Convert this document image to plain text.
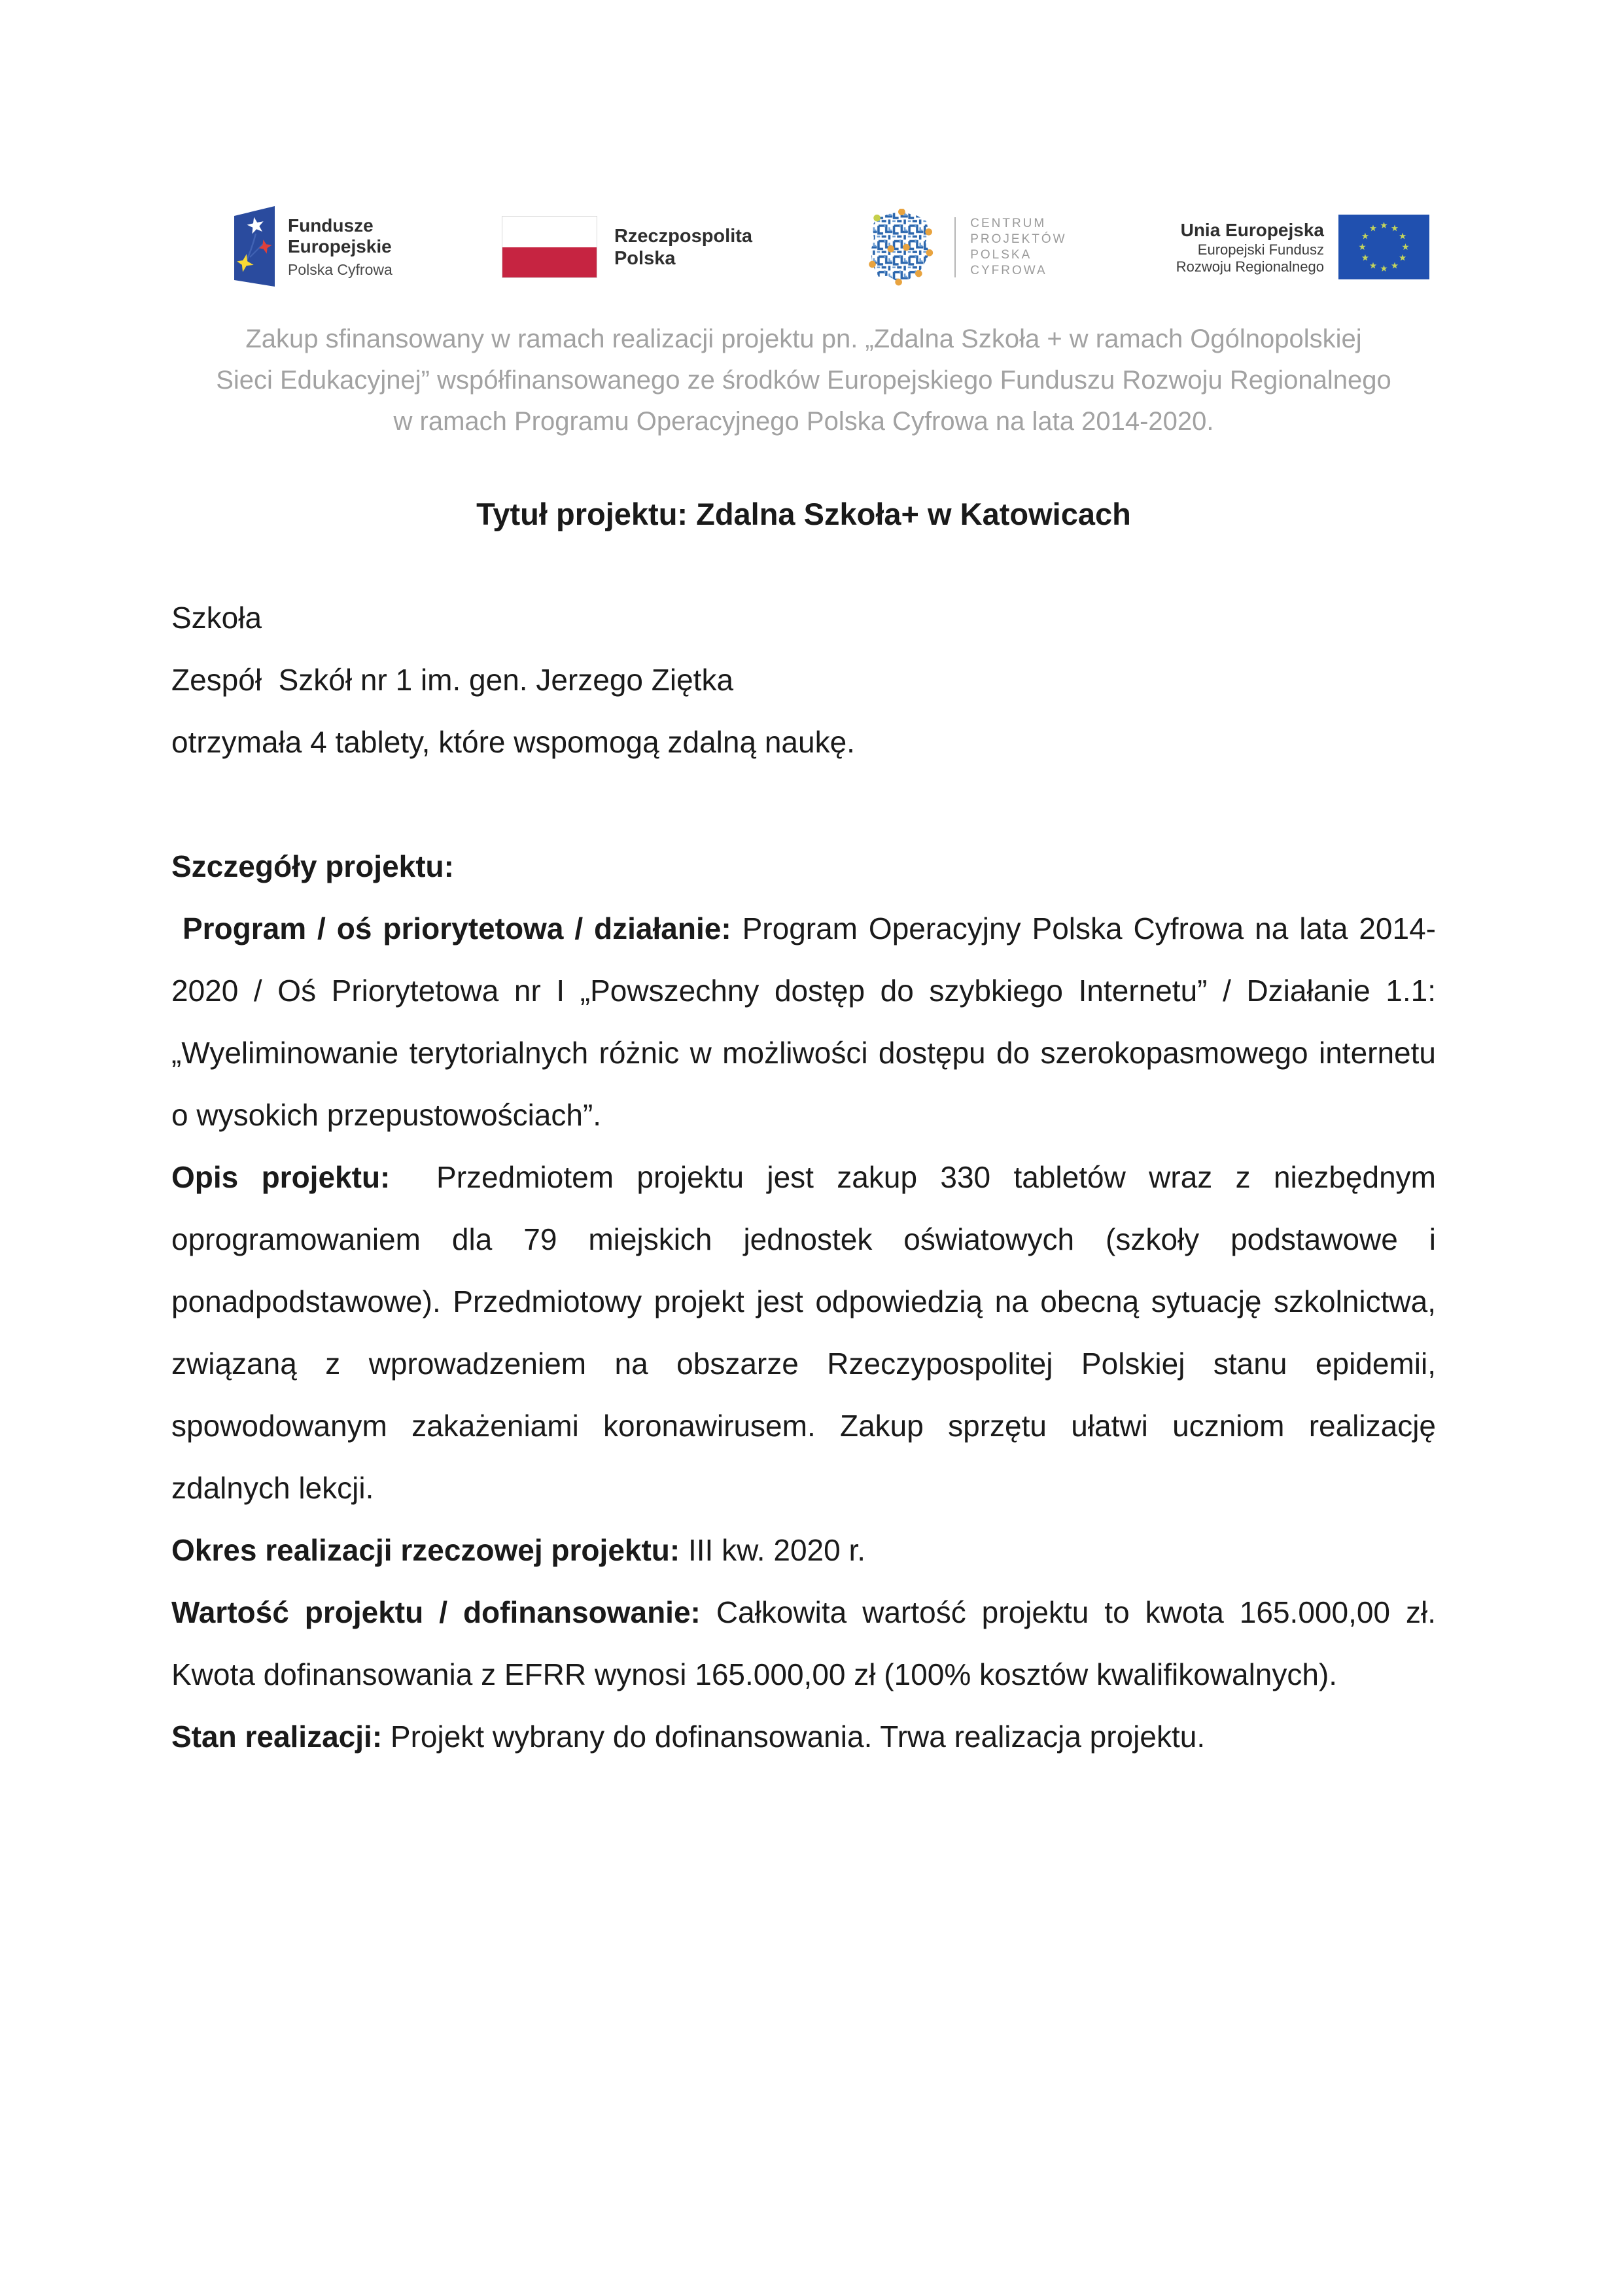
Fundusze
Europejskie
Polska Cyfrowa
Rzeczpospolita
Polska
CENTRUM
PROJEKTÓW
POLSKA
CYFROWA
Unia Europejska
Europejski Fundusz
Rozwoju Regionalnego
Zakup sfinansowany w ramach realizacji projektu pn. „Zdalna Szkoła + w ramach Ogólnopolskiej
Sieci Edukacyjnej” współfinansowanego ze środków Europejskiego Funduszu Rozwoju Regionalnego
w ramach Programu Operacyjnego Polska Cyfrowa na lata 2014-2020.
Tytuł projektu: Zdalna Szkoła+ w Katowicach
Szkoła
Zespół  Szkół nr 1 im. gen. Jerzego Ziętka
otrzymała 4 tablety, które wspomogą zdalną naukę.
Szczegóły projektu:

Program / oś priorytetowa / działanie: Program Operacyjny Polska Cyfrowa na lata 2014-2020 / Oś Priorytetowa nr I „Powszechny dostęp do szybkiego Internetu” / Działanie 1.1: „Wyeliminowanie terytorialnych różnic w możliwości dostępu do szerokopasmowego internetu o wysokich przepustowościach”.

Opis projektu:  Przedmiotem projektu jest zakup 330 tabletów wraz z niezbędnym oprogramowaniem dla 79 miejskich jednostek oświatowych (szkoły podstawowe i ponadpodstawowe). Przedmiotowy projekt jest odpowiedzią na obecną sytuację szkolnictwa, związaną z wprowadzeniem na obszarze Rzeczypospolitej Polskiej stanu epidemii, spowodowanym zakażeniami koronawirusem. Zakup sprzętu ułatwi uczniom realizację zdalnych lekcji.

Okres realizacji rzeczowej projektu: III kw. 2020 r.

Wartość projektu / dofinansowanie: Całkowita wartość projektu to kwota 165.000,00 zł. Kwota dofinansowania z EFRR wynosi 165.000,00 zł (100% kosztów kwalifikowalnych).

Stan realizacji: Projekt wybrany do dofinansowania. Trwa realizacja projektu.
